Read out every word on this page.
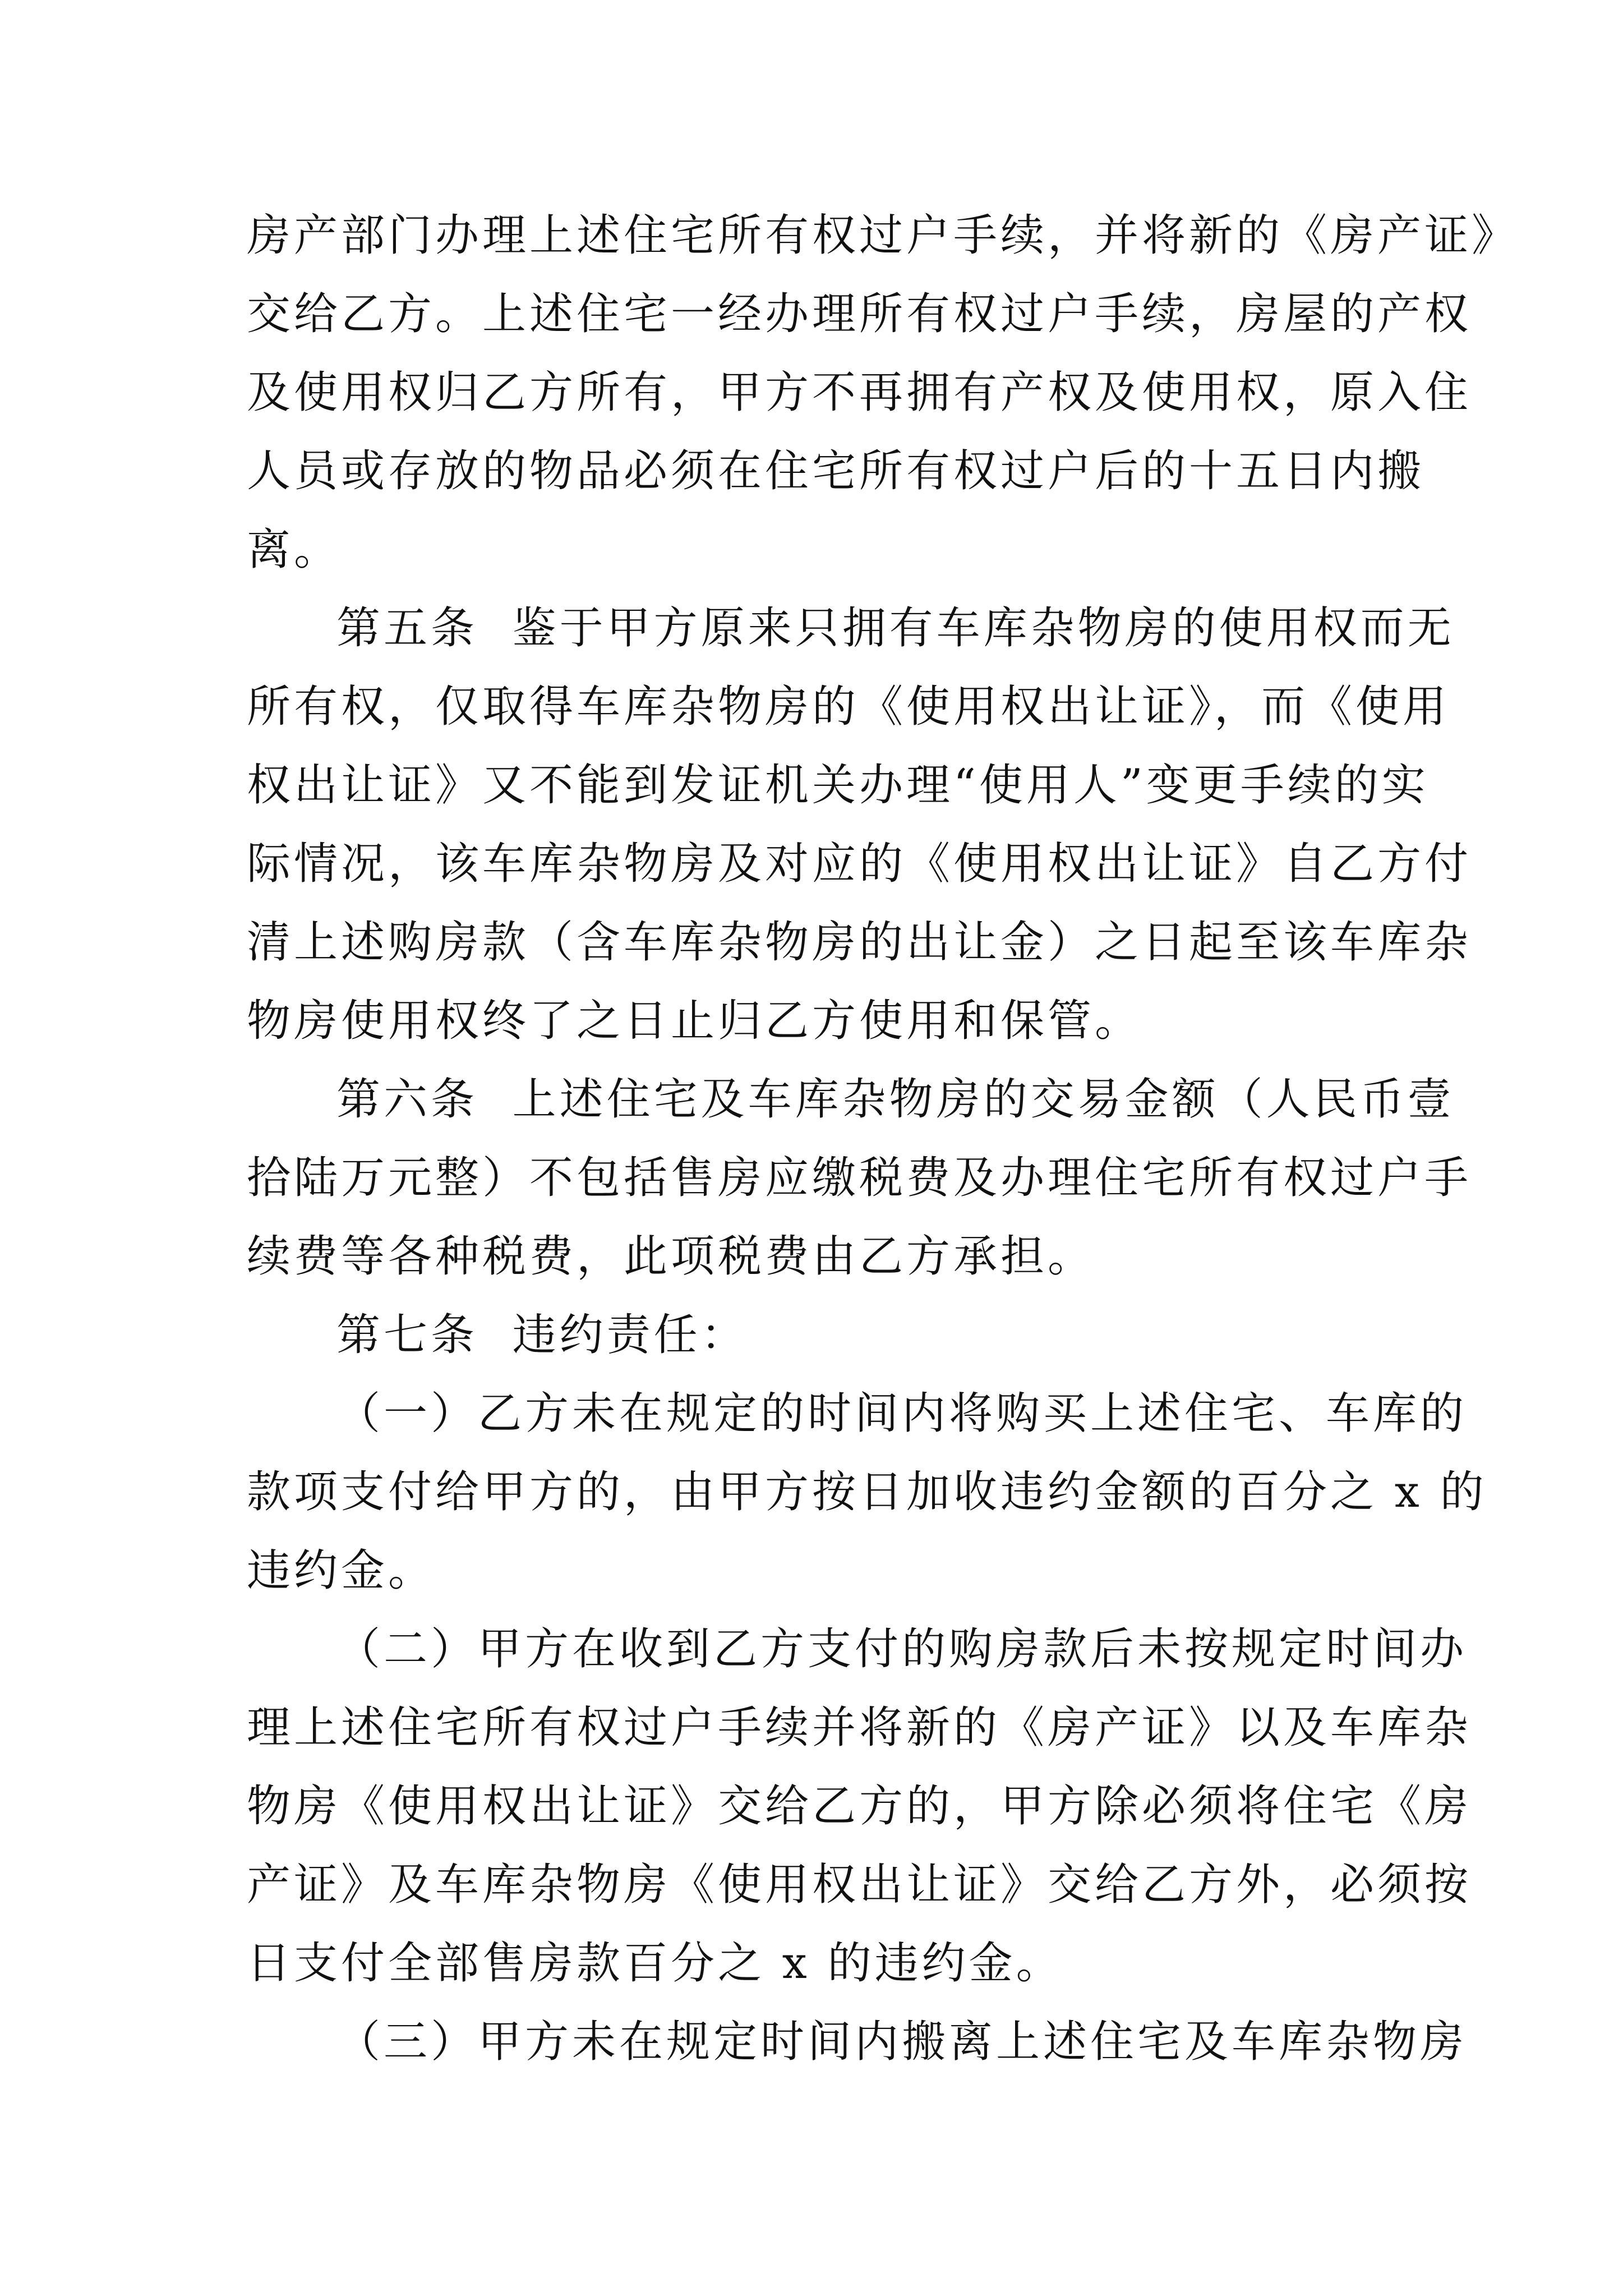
房产部门办理上述住宅所有权过户手续，并将新的《房产证》
交给乙方。上述住宅一经办理所有权过户手续，房屋的产权
及使用权归乙方所有，甲方不再拥有产权及使用权，原入住
人员或存放的物品必须在住宅所有权过户后的十五日内搬
离。
第五条  鉴于甲方原来只拥有车库杂物房的使用权而无
所有权，仅取得车库杂物房的《使用权出让证》，而《使用
权出让证》又不能到发证机关办理“使用人”变更手续的实
际情况，该车库杂物房及对应的《使用权出让证》自乙方付
清上述购房款（含车库杂物房的出让金）之日起至该车库杂
物房使用权终了之日止归乙方使用和保管。
第六条  上述住宅及车库杂物房的交易金额（人民币壹
拾陆万元整）不包括售房应缴税费及办理住宅所有权过户手
续费等各种税费，此项税费由乙方承担。
第七条  违约责任：
（一）乙方未在规定的时间内将购买上述住宅、车库的
款项支付给甲方的，由甲方按日加收违约金额的百分之 x 的
违约金。
（二）甲方在收到乙方支付的购房款后未按规定时间办
理上述住宅所有权过户手续并将新的《房产证》以及车库杂
物房《使用权出让证》交给乙方的，甲方除必须将住宅《房
产证》及车库杂物房《使用权出让证》交给乙方外，必须按
日支付全部售房款百分之 x 的违约金。
（三）甲方未在规定时间内搬离上述住宅及车库杂物房
